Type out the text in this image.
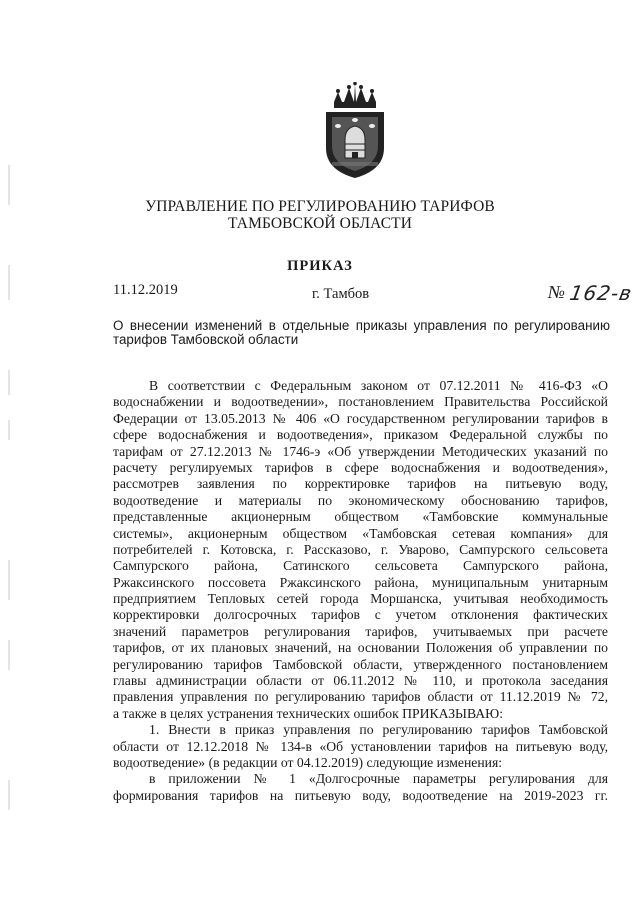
УПРАВЛЕНИЕ ПО РЕГУЛИРОВАНИЮ ТАРИФОВ
ТАМБОВСКОЙ ОБЛАСТИ
ПРИКАЗ
11.12.2019	г. Тамбов	№ 162-в
О внесении изменений в отдельные приказы управления по регулированию
тарифов Тамбовской области
В соответствии с Федеральным законом от 07.12.2011 № 416-ФЗ «О
водоснабжении и водоотведении», постановлением Правительства Российской
Федерации от 13.05.2013 № 406 «О государственном регулировании тарифов в
сфере водоснабжения и водоотведения», приказом Федеральной службы по
тарифам от 27.12.2013 № 1746-э «Об утверждении Методических указаний по
расчету регулируемых тарифов в сфере водоснабжения и водоотведения»,
рассмотрев заявления по корректировке тарифов на питьевую воду,
водоотведение и материалы по экономическому обоснованию тарифов,
представленные акционерным обществом «Тамбовские коммунальные
системы», акционерным обществом «Тамбовская сетевая компания» для
потребителей г. Котовска, г. Рассказово, г. Уварово, Сампурского сельсовета
Сампурского района, Сатинского сельсовета Сампурского района,
Ржаксинского поссовета Ржаксинского района, муниципальным унитарным
предприятием Тепловых сетей города Моршанска, учитывая необходимость
корректировки долгосрочных тарифов с учетом отклонения фактических
значений параметров регулирования тарифов, учитываемых при расчете
тарифов, от их плановых значений, на основании Положения об управлении по
регулированию тарифов Тамбовской области, утвержденного постановлением
главы администрации области от 06.11.2012 № 110, и протокола заседания
правления управления по регулированию тарифов области от 11.12.2019 № 72,
а также в целях устранения технических ошибок ПРИКАЗЫВАЮ:
1. Внести в приказ управления по регулированию тарифов Тамбовской
области от 12.12.2018 № 134-в «Об установлении тарифов на питьевую воду,
водоотведение» (в редакции от 04.12.2019) следующие изменения:
в приложении № 1 «Долгосрочные параметры регулирования для
формирования тарифов на питьевую воду, водоотведение на 2019-2023 гг.
